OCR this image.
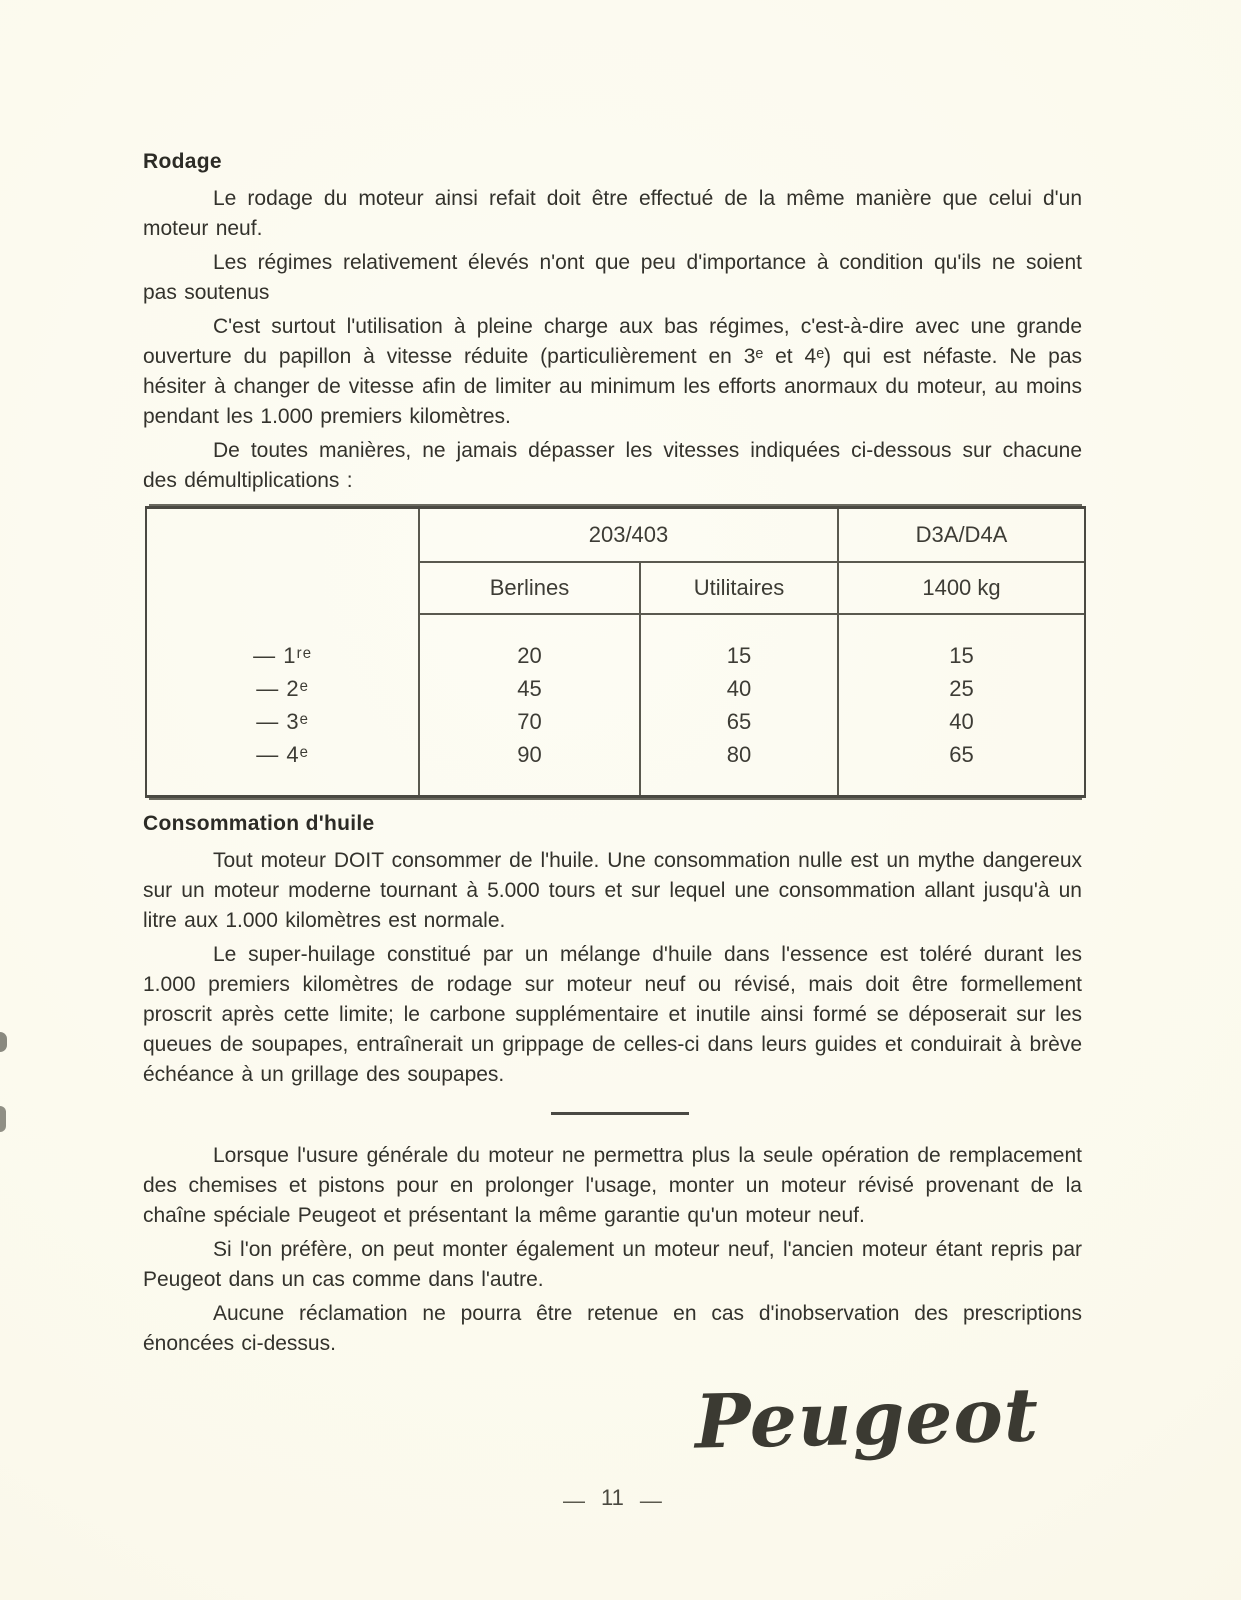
Rodage

Le rodage du moteur ainsi refait doit être effectué de la même manière que celui d'un moteur neuf.

Les régimes relativement élevés n'ont que peu d'importance à condition qu'ils ne soient pas soutenus

C'est surtout l'utilisation à pleine charge aux bas régimes, c'est-à-dire avec une grande ouverture du papillon à vitesse réduite (particulièrement en 3ᵉ et 4ᵉ) qui est néfaste. Ne pas hésiter à changer de vitesse afin de limiter au minimum les efforts anormaux du moteur, au moins pendant les 1.000 premiers kilomètres.

De toutes manières, ne jamais dépasser les vitesses indiquées ci-dessous sur chacune des démultiplications :

	203/403		D3A/D4A
	Berlines	Utilitaires	1400 kg

— 1ʳᵉ	20	15	15
— 2ᵉ	45	40	25
— 3ᵉ	70	65	40
— 4ᵉ	90	80	65

Consommation d'huile

Tout moteur DOIT consommer de l'huile. Une consommation nulle est un mythe dangereux sur un moteur moderne tournant à 5.000 tours et sur lequel une consommation allant jusqu'à un litre aux 1.000 kilomètres est normale.

Le super-huilage constitué par un mélange d'huile dans l'essence est toléré durant les 1.000 premiers kilomètres de rodage sur moteur neuf ou révisé, mais doit être formellement proscrit après cette limite; le carbone supplémentaire et inutile ainsi formé se déposerait sur les queues de soupapes, entraînerait un grippage de celles-ci dans leurs guides et conduirait à brève échéance à un grillage des soupapes.

Lorsque l'usure générale du moteur ne permettra plus la seule opération de remplacement des chemises et pistons pour en prolonger l'usage, monter un moteur révisé provenant de la chaîne spéciale Peugeot et présentant la même garantie qu'un moteur neuf.

Si l'on préfère, on peut monter également un moteur neuf, l'ancien moteur étant repris par Peugeot dans un cas comme dans l'autre.

Aucune réclamation ne pourra être retenue en cas d'inobservation des prescriptions énoncées ci-dessus.

Peugeot
— 11 —
